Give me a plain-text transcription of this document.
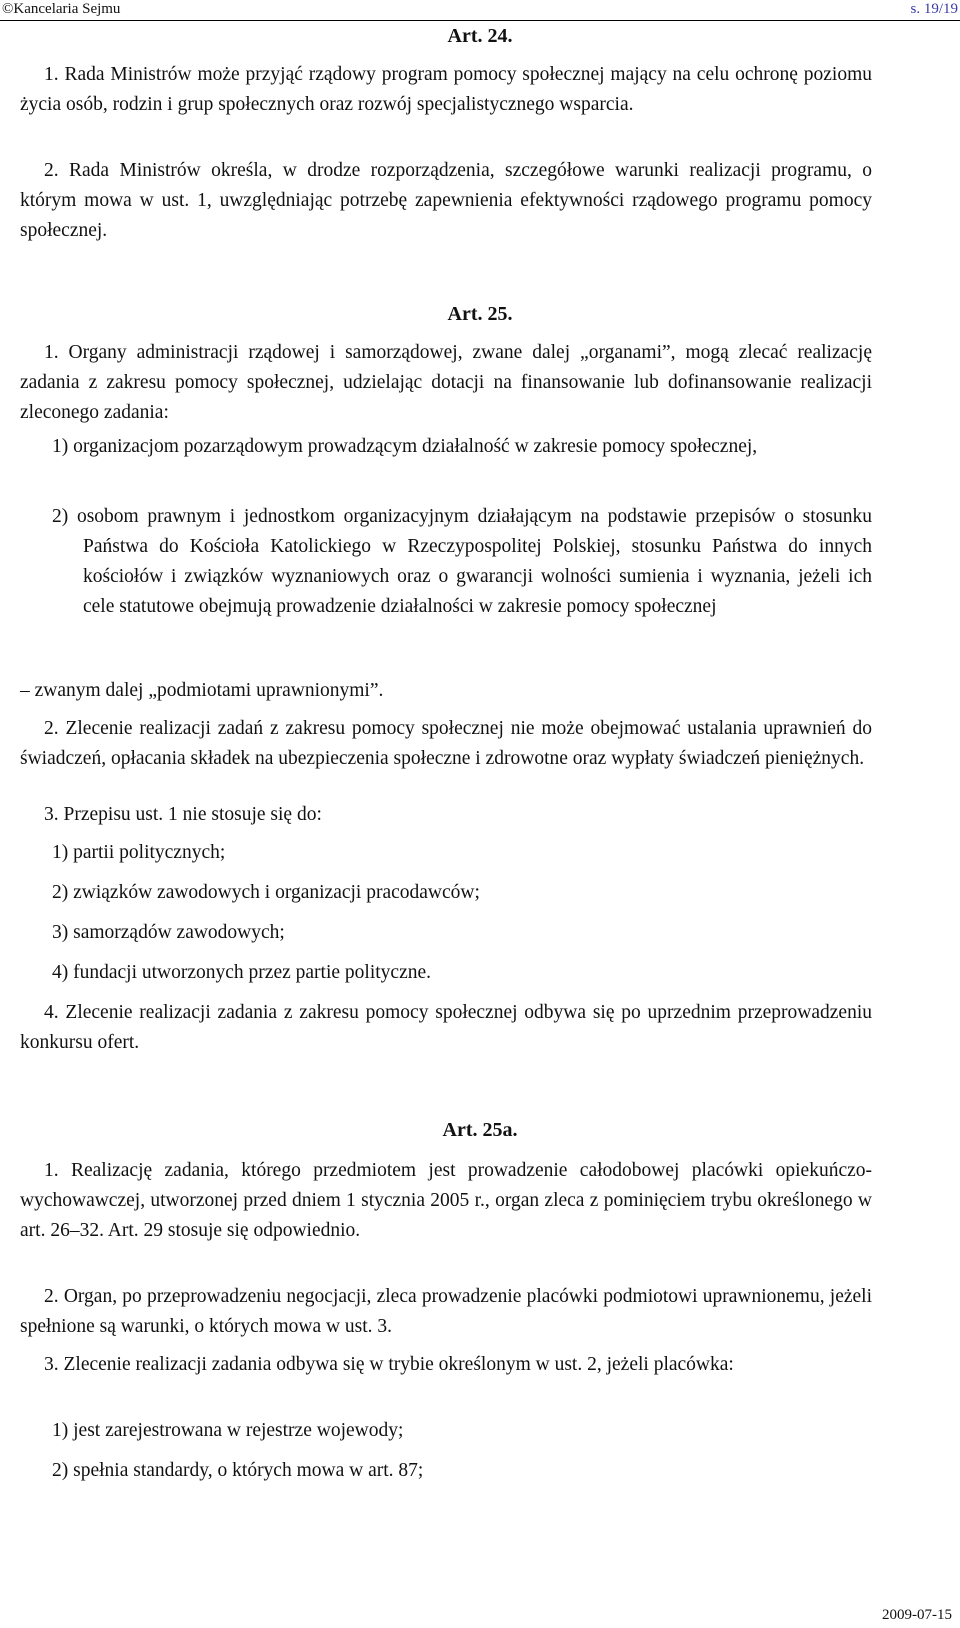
©Kancelaria Sejmu	s. 19/19
Art. 24.
1. Rada Ministrów może przyjąć rządowy program pomocy społecznej mający na celu ochronę poziomu życia osób, rodzin i grup społecznych oraz rozwój specjalistycznego wsparcia.
2. Rada Ministrów określa, w drodze rozporządzenia, szczegółowe warunki realizacji programu, o którym mowa w ust. 1, uwzględniając potrzebę zapewnienia efektywności rządowego programu pomocy społecznej.
Art. 25.
1. Organy administracji rządowej i samorządowej, zwane dalej „organami”, mogą zlecać realizację zadania z zakresu pomocy społecznej, udzielając dotacji na finansowanie lub dofinansowanie realizacji zleconego zadania:
1) organizacjom pozarządowym prowadzącym działalność w zakresie pomocy społecznej,
2) osobom prawnym i jednostkom organizacyjnym działającym na podstawie przepisów o stosunku Państwa do Kościoła Katolickiego w Rzeczypospolitej Polskiej, stosunku Państwa do innych kościołów i związków wyznaniowych oraz o gwarancji wolności sumienia i wyznania, jeżeli ich cele statutowe obejmują prowadzenie działalności w zakresie pomocy społecznej
– zwanym dalej „podmiotami uprawnionymi”.
2. Zlecenie realizacji zadań z zakresu pomocy społecznej nie może obejmować ustalania uprawnień do świadczeń, opłacania składek na ubezpieczenia społeczne i zdrowotne oraz wypłaty świadczeń pieniężnych.
3. Przepisu ust. 1 nie stosuje się do:
1) partii politycznych;
2) związków zawodowych i organizacji pracodawców;
3) samorządów zawodowych;
4) fundacji utworzonych przez partie polityczne.
4. Zlecenie realizacji zadania z zakresu pomocy społecznej odbywa się po uprzednim przeprowadzeniu konkursu ofert.
Art. 25a.
1. Realizację zadania, którego przedmiotem jest prowadzenie całodobowej placówki opiekuńczo-wychowawczej, utworzonej przed dniem 1 stycznia 2005 r., organ zleca z pominięciem trybu określonego w art. 26–32. Art. 29 stosuje się odpowiednio.
2. Organ, po przeprowadzeniu negocjacji, zleca prowadzenie placówki podmiotowi uprawnionemu, jeżeli spełnione są warunki, o których mowa w ust. 3.
3. Zlecenie realizacji zadania odbywa się w trybie określonym w ust. 2, jeżeli placówka:
1) jest zarejestrowana w rejestrze wojewody;
2) spełnia standardy, o których mowa w art. 87;
2009-07-15
